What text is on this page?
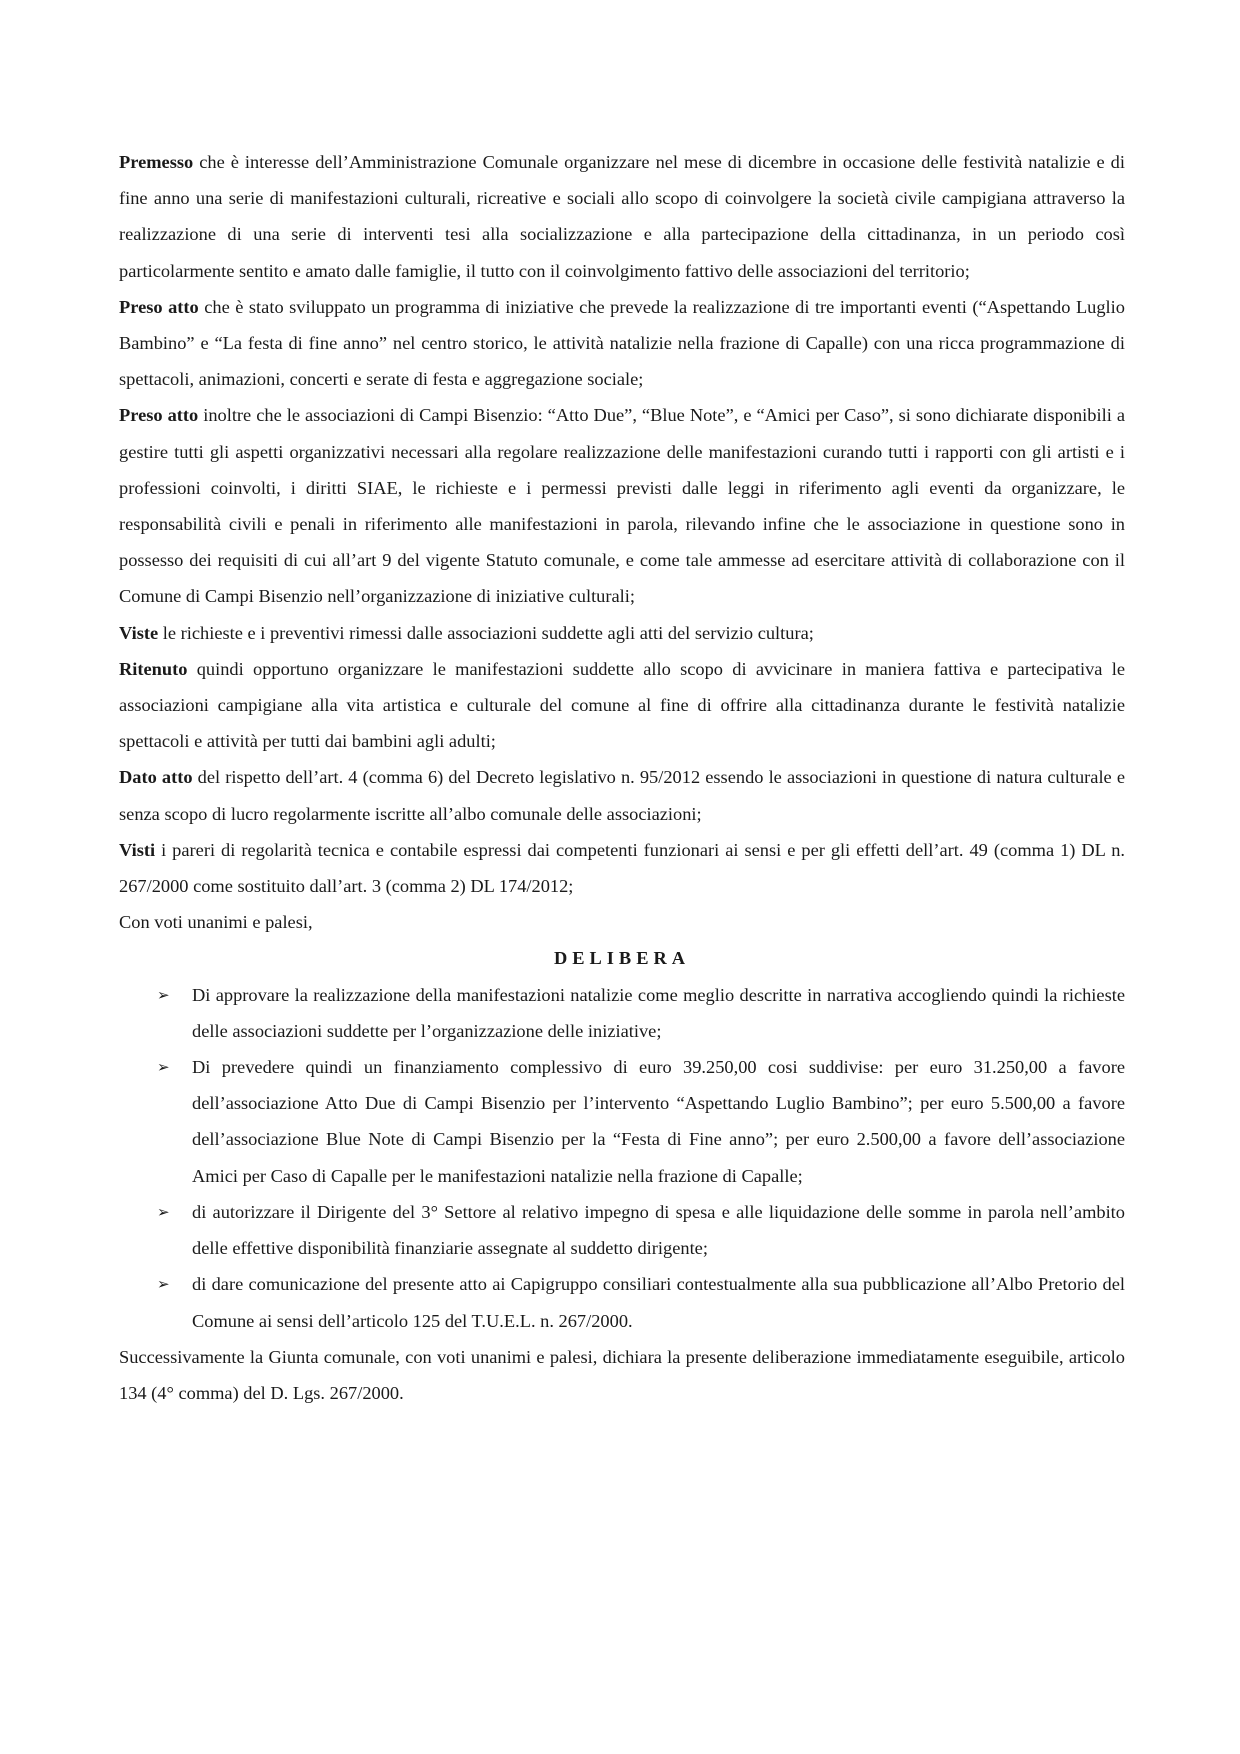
Premesso che è interesse dell’Amministrazione Comunale organizzare nel mese di dicembre in occasione delle festività natalizie e di fine anno una serie di manifestazioni culturali, ricreative e sociali allo scopo di coinvolgere la società civile campigiana attraverso la realizzazione di una serie di interventi tesi alla socializzazione e alla partecipazione della cittadinanza, in un periodo così particolarmente sentito e amato dalle famiglie, il tutto con il coinvolgimento fattivo delle associazioni del territorio;

Preso atto che è stato sviluppato un programma di iniziative che prevede la realizzazione di tre importanti eventi (“Aspettando Luglio Bambino” e “La festa di fine anno” nel centro storico, le attività natalizie nella frazione di Capalle) con una ricca programmazione di spettacoli, animazioni, concerti e serate di festa e aggregazione sociale;

Preso atto inoltre che le associazioni di Campi Bisenzio: “Atto Due”, “Blue Note”, e “Amici per Caso”, si sono dichiarate disponibili a gestire tutti gli aspetti organizzativi necessari alla regolare realizzazione delle manifestazioni curando tutti i rapporti con gli artisti e i professioni coinvolti, i diritti SIAE, le richieste e i permessi previsti dalle leggi in riferimento agli eventi da organizzare, le responsabilità civili e penali in riferimento alle manifestazioni in parola, rilevando infine che le associazione in questione sono in possesso dei requisiti di cui all’art 9 del vigente Statuto comunale, e come tale ammesse ad esercitare attività di collaborazione con il Comune di Campi Bisenzio nell’organizzazione di iniziative culturali;

Viste le richieste e i preventivi rimessi dalle associazioni suddette agli atti del servizio cultura;

Ritenuto quindi opportuno organizzare le manifestazioni suddette allo scopo di avvicinare in maniera fattiva e partecipativa le associazioni campigiane alla vita artistica e culturale del comune al fine di offrire alla cittadinanza durante le festività natalizie spettacoli e attività per tutti dai bambini agli adulti;

Dato atto del rispetto dell’art. 4 (comma 6) del Decreto legislativo n. 95/2012 essendo le associazioni in questione di natura culturale e senza scopo di lucro regolarmente iscritte all’albo comunale delle associazioni;

Visti i pareri di regolarità tecnica e contabile espressi dai competenti funzionari ai sensi e per gli effetti dell’art. 49 (comma 1) DL n. 267/2000 come sostituito dall’art. 3 (comma 2) DL 174/2012;

Con voti unanimi e palesi,

DELIBERA

➢ Di approvare la realizzazione della manifestazioni natalizie come meglio descritte in narrativa accogliendo quindi la richieste delle associazioni suddette per l’organizzazione delle iniziative;
➢ Di prevedere quindi un finanziamento complessivo di euro 39.250,00 cosi suddivise: per euro 31.250,00 a favore dell’associazione Atto Due di Campi Bisenzio per l’intervento “Aspettando Luglio Bambino”; per euro 5.500,00 a favore dell’associazione Blue Note di Campi Bisenzio per la “Festa di Fine anno”; per euro 2.500,00 a favore dell’associazione Amici per Caso di Capalle per le manifestazioni natalizie nella frazione di Capalle;
➢ di autorizzare il Dirigente del 3° Settore al relativo impegno di spesa e alle liquidazione delle somme in parola nell’ambito delle effettive disponibilità finanziarie assegnate al suddetto dirigente;
➢ di dare comunicazione del presente atto ai Capigruppo consiliari contestualmente alla sua pubblicazione all’Albo Pretorio del Comune ai sensi dell’articolo 125 del T.U.E.L. n. 267/2000.

Successivamente la Giunta comunale, con voti unanimi e palesi, dichiara la presente deliberazione immediatamente eseguibile, articolo 134 (4° comma) del D. Lgs. 267/2000.
